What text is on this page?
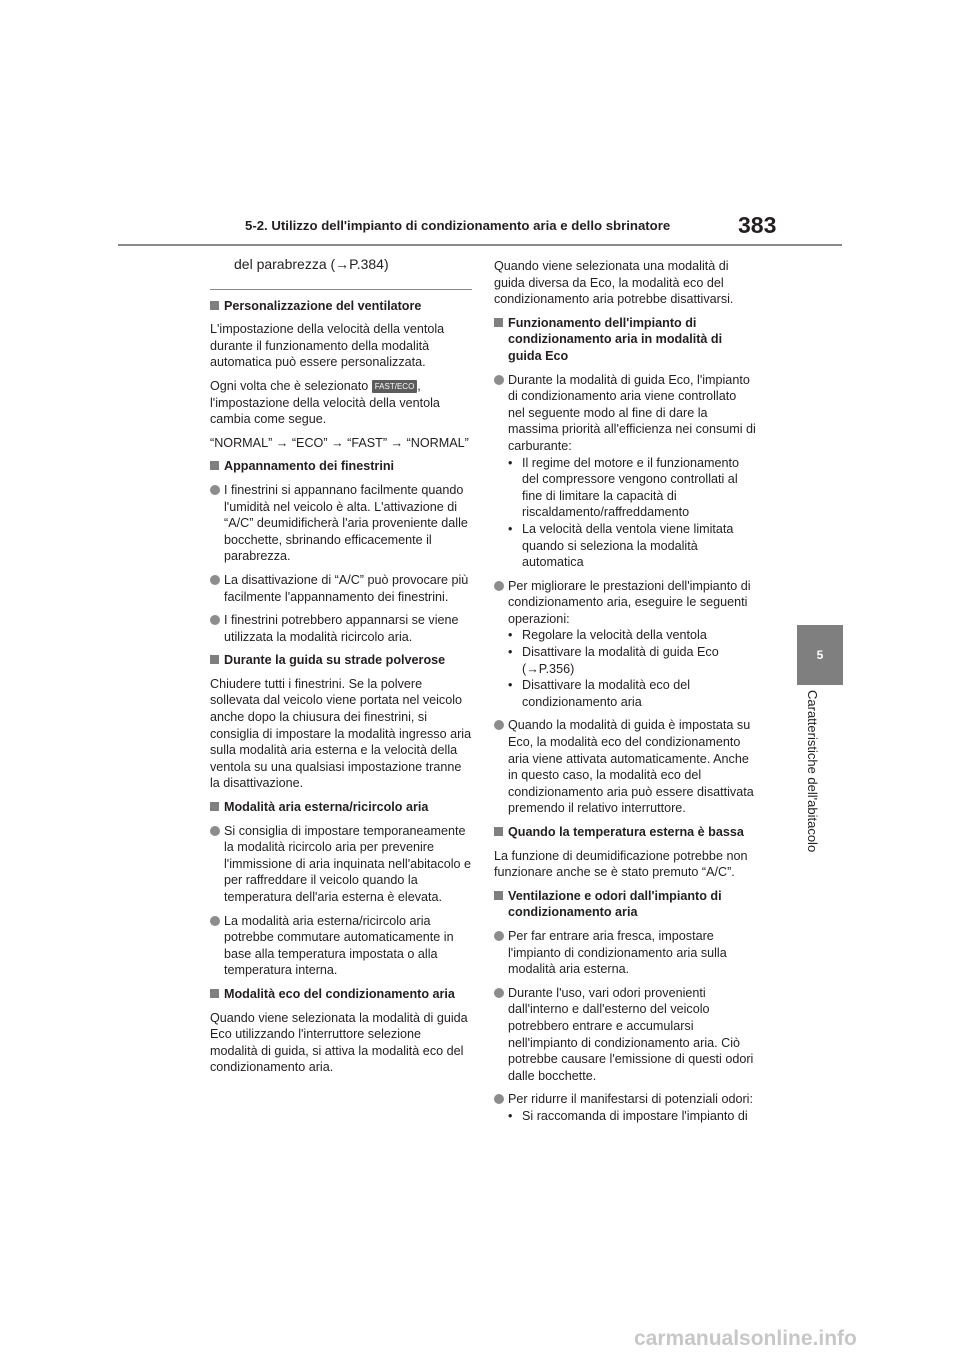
5-2. Utilizzo dell'impianto di condizionamento aria e dello sbrinatore	383
5
Caratteristiche dell'abitacolo

del parabrezza (→P.384)

Personalizzazione del ventilatore

L'impostazione della velocità della ventola durante il funzionamento della modalità automatica può essere personalizzata.

Ogni volta che è selezionato FAST/ECO , l'impostazione della velocità della ventola cambia come segue.

“NORMAL” → “ECO” → “FAST” → “NORMAL”

Appannamento dei finestrini

I finestrini si appannano facilmente quando l'umidità nel veicolo è alta. L'attivazione di “A/C” deumidificherà l'aria proveniente dalle bocchette, sbrinando efficacemente il parabrezza.

La disattivazione di “A/C” può provocare più facilmente l'appannamento dei finestrini.

I finestrini potrebbero appannarsi se viene utilizzata la modalità ricircolo aria.

Durante la guida su strade polverose

Chiudere tutti i finestrini. Se la polvere sollevata dal veicolo viene portata nel veicolo anche dopo la chiusura dei finestrini, si consiglia di impostare la modalità ingresso aria sulla modalità aria esterna e la velocità della ventola su una qualsiasi impostazione tranne la disattivazione.

Modalità aria esterna/ricircolo aria

Si consiglia di impostare temporaneamente la modalità ricircolo aria per prevenire l'immissione di aria inquinata nell'abitacolo e per raffreddare il veicolo quando la temperatura dell'aria esterna è elevata.

La modalità aria esterna/ricircolo aria potrebbe commutare automaticamente in base alla temperatura impostata o alla temperatura interna.

Modalità eco del condizionamento aria

Quando viene selezionata la modalità di guida Eco utilizzando l'interruttore selezione modalità di guida, si attiva la modalità eco del condizionamento aria.

Quando viene selezionata una modalità di guida diversa da Eco, la modalità eco del condizionamento aria potrebbe disattivarsi.

Funzionamento dell'impianto di condizionamento aria in modalità di guida Eco

Durante la modalità di guida Eco, l'impianto di condizionamento aria viene controllato nel seguente modo al fine di dare la massima priorità all'efficienza nei consumi di carburante:
• Il regime del motore e il funzionamento del compressore vengono controllati al fine di limitare la capacità di riscaldamento/raffreddamento
• La velocità della ventola viene limitata quando si seleziona la modalità automatica
Per migliorare le prestazioni dell'impianto di condizionamento aria, eseguire le seguenti operazioni:
• Regolare la velocità della ventola
• Disattivare la modalità di guida Eco (→P.356)
• Disattivare la modalità eco del condizionamento aria

Quando la modalità di guida è impostata su Eco, la modalità eco del condizionamento aria viene attivata automaticamente. Anche in questo caso, la modalità eco del condizionamento aria può essere disattivata premendo il relativo interruttore.

Quando la temperatura esterna è bassa

La funzione di deumidificazione potrebbe non funzionare anche se è stato premuto “A/C”.

Ventilazione e odori dall'impianto di condizionamento aria

Per far entrare aria fresca, impostare l'impianto di condizionamento aria sulla modalità aria esterna.

Durante l'uso, vari odori provenienti dall'interno e dall'esterno del veicolo potrebbero entrare e accumularsi nell'impianto di condizionamento aria. Ciò potrebbe causare l'emissione di questi odori dalle bocchette.

Per ridurre il manifestarsi di potenziali odori:
• Si raccomanda di impostare l'impianto di
carmanualsonline.info
